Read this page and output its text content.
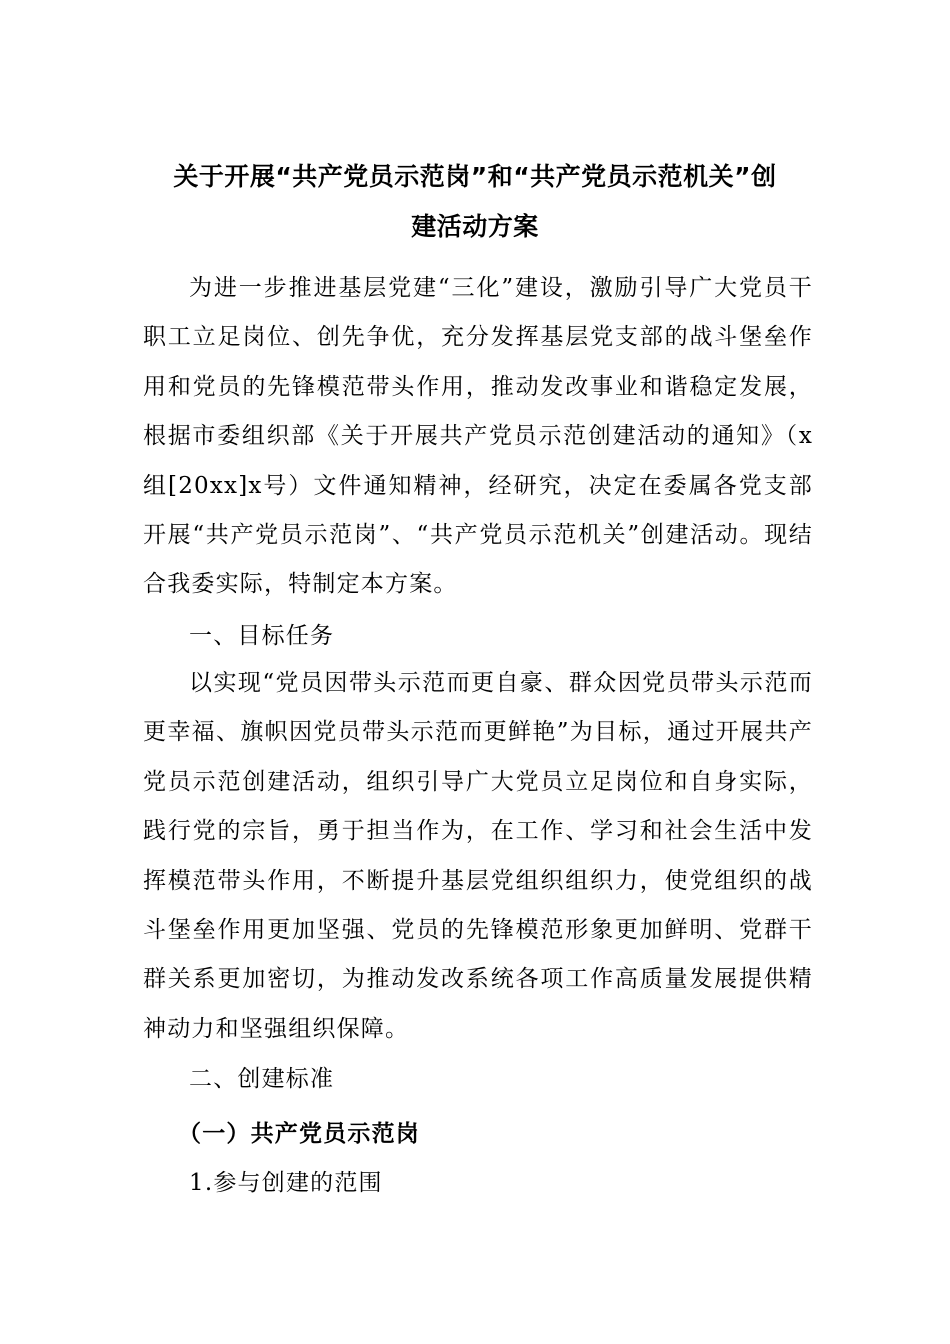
关于开展“共产党员示范岗”和“共产党员示范机关”创
建活动方案

为进一步推进基层党建“三化”建设，激励引导广大党员干职工立足岗位、创先争优，充分发挥基层党支部的战斗堡垒作用和党员的先锋模范带头作用，推动发改事业和谐稳定发展，根据市委组织部《关于开展共产党员示范创建活动的通知》（x组[20xx]x号）文件通知精神，经研究，决定在委属各党支部开展“共产党员示范岗”、“共产党员示范机关”创建活动。现结合我委实际，特制定本方案。

一、目标任务

以实现“党员因带头示范而更自豪、群众因党员带头示范而更幸福、旗帜因党员带头示范而更鲜艳”为目标，通过开展共产党员示范创建活动，组织引导广大党员立足岗位和自身实际，践行党的宗旨，勇于担当作为，在工作、学习和社会生活中发挥模范带头作用，不断提升基层党组织组织力，使党组织的战斗堡垒作用更加坚强、党员的先锋模范形象更加鲜明、党群干群关系更加密切，为推动发改系统各项工作高质量发展提供精神动力和坚强组织保障。

二、创建标准
（一）共产党员示范岗
1.参与创建的范围
